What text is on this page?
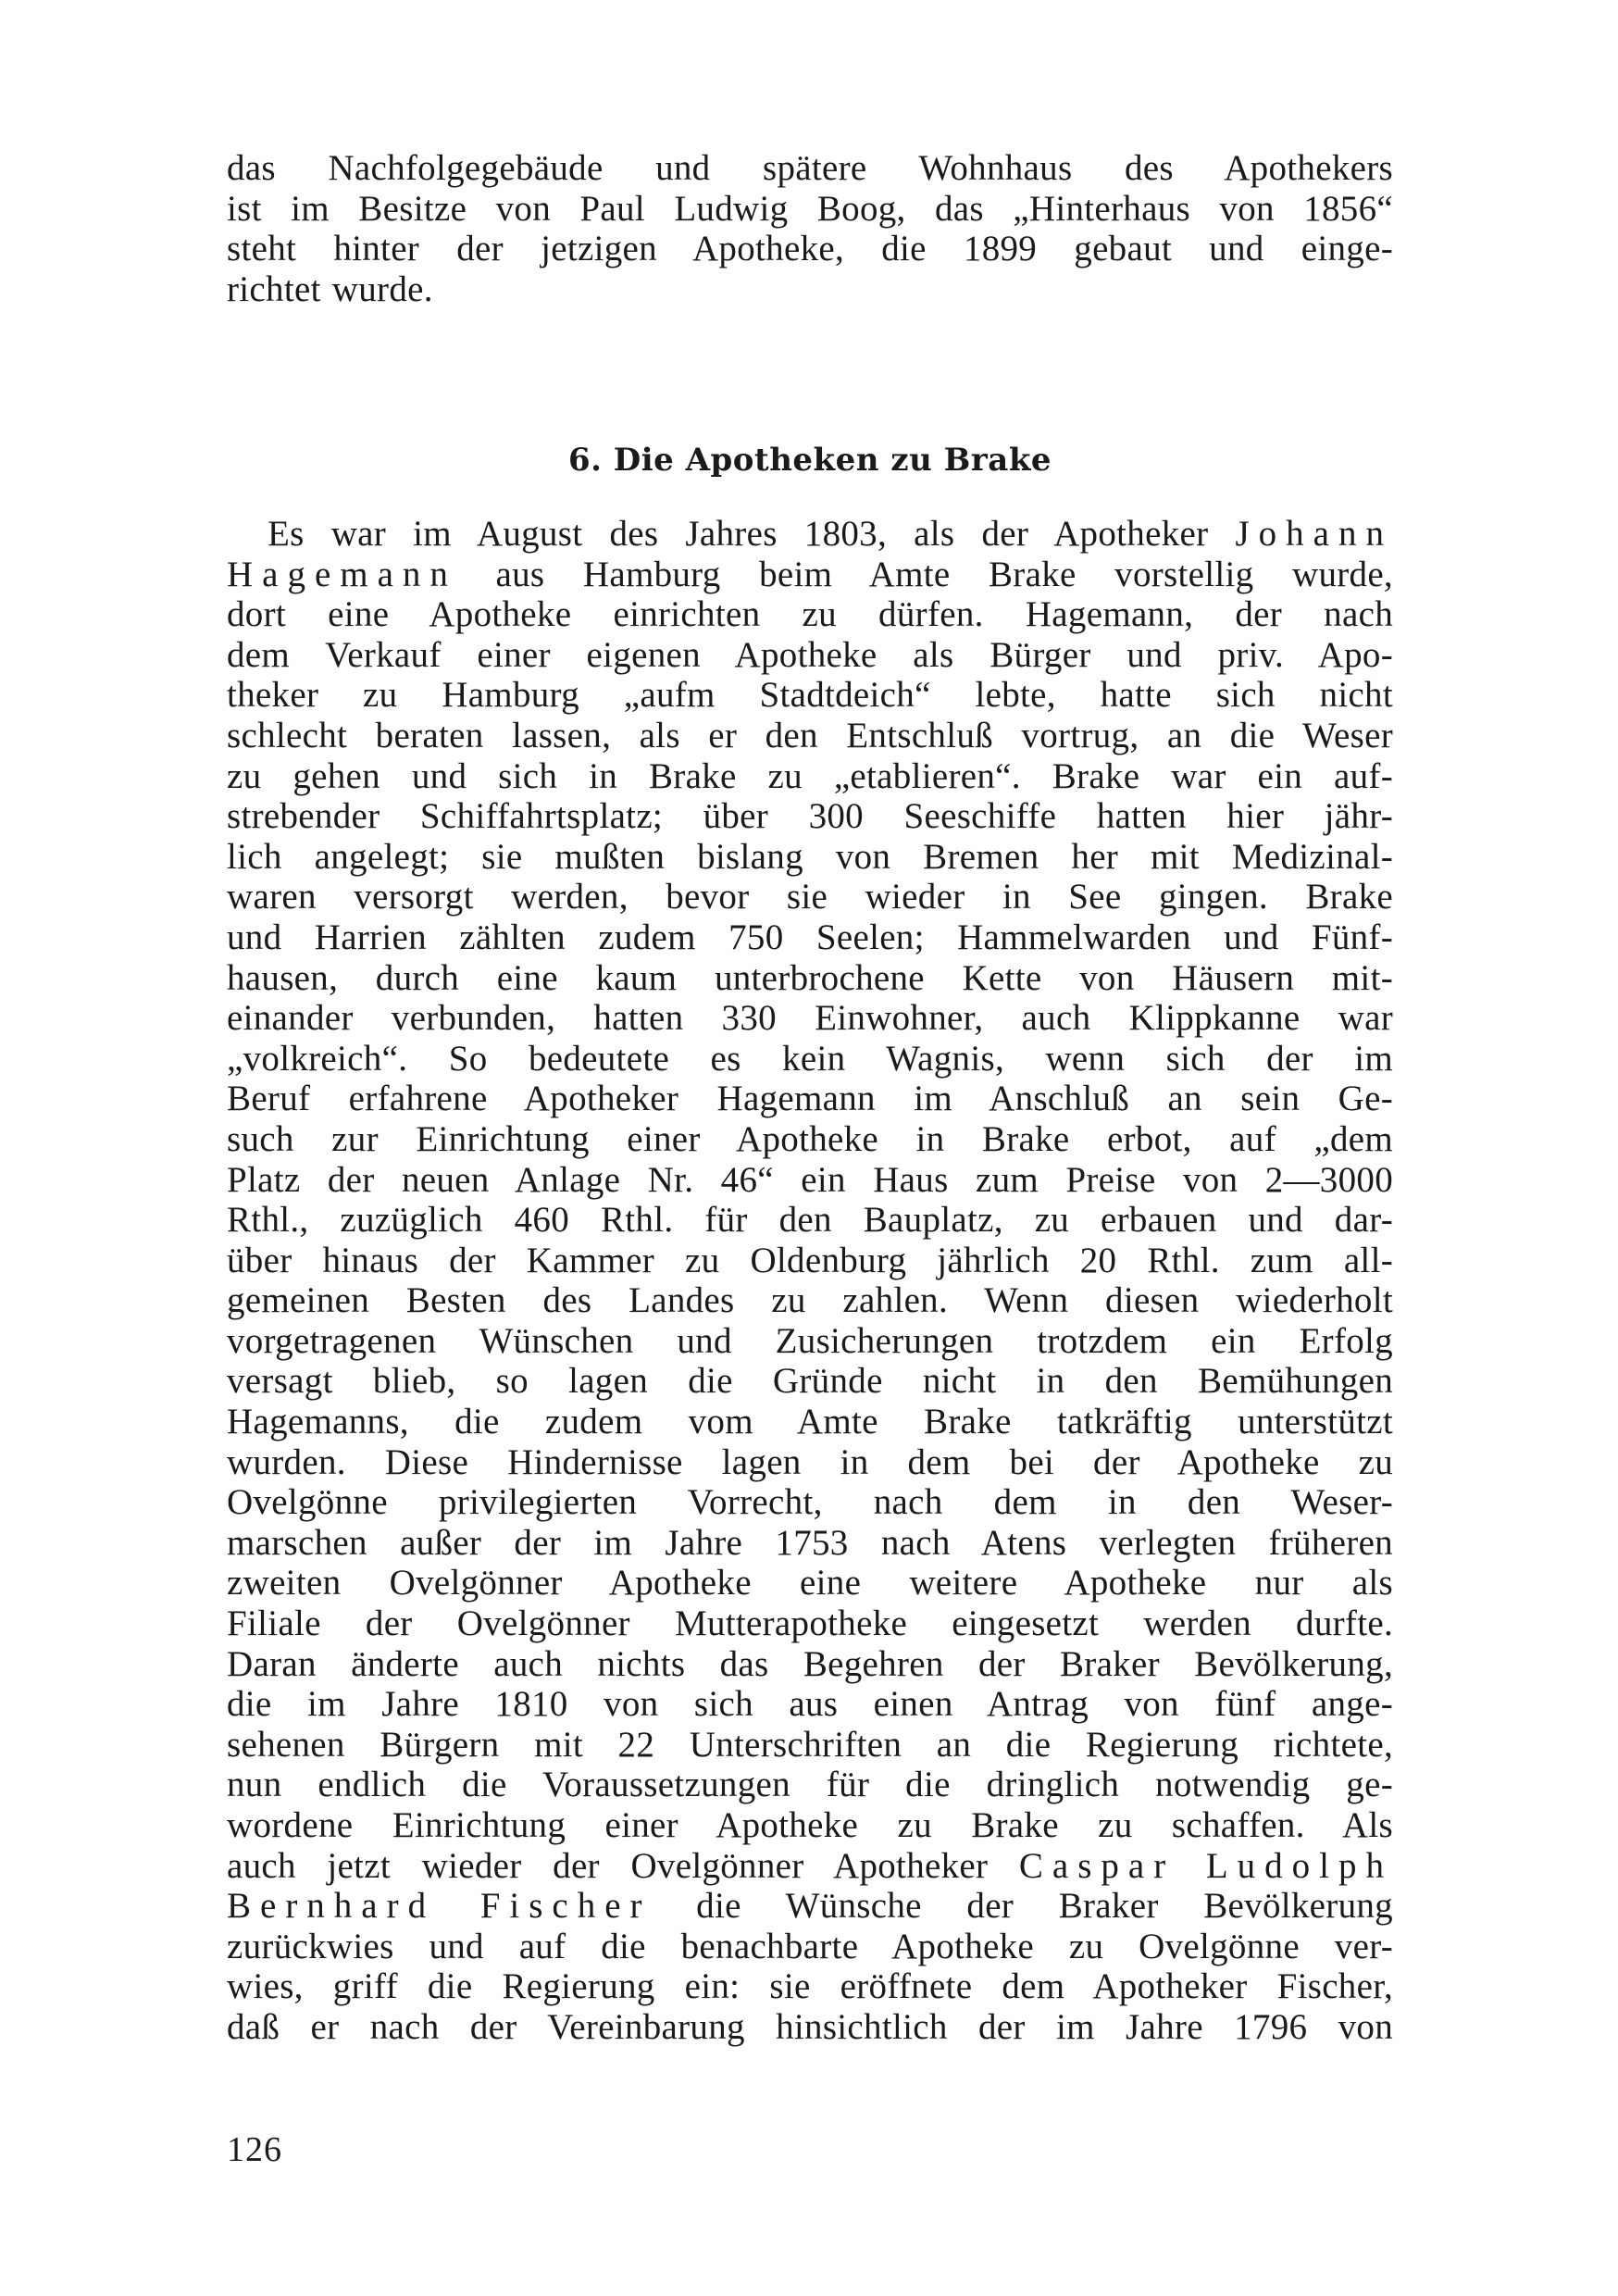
das Nachfolgegebäude und spätere Wohnhaus des Apothekers
ist im Besitze von Paul Ludwig Boog, das „Hinterhaus von 1856“
steht hinter der jetzigen Apotheke, die 1899 gebaut und einge-
richtet wurde.
6. Die Apotheken zu Brake
Es war im August des Jahres 1803, als der Apotheker Johann
Hagemann aus Hamburg beim Amte Brake vorstellig wurde,
dort eine Apotheke einrichten zu dürfen. Hagemann, der nach
dem Verkauf einer eigenen Apotheke als Bürger und priv. Apo-
theker zu Hamburg „aufm Stadtdeich“ lebte, hatte sich nicht
schlecht beraten lassen, als er den Entschluß vortrug, an die Weser
zu gehen und sich in Brake zu „etablieren“. Brake war ein auf-
strebender Schiffahrtsplatz; über 300 Seeschiffe hatten hier jähr-
lich angelegt; sie mußten bislang von Bremen her mit Medizinal-
waren versorgt werden, bevor sie wieder in See gingen. Brake
und Harrien zählten zudem 750 Seelen; Hammelwarden und Fünf-
hausen, durch eine kaum unterbrochene Kette von Häusern mit-
einander verbunden, hatten 330 Einwohner, auch Klippkanne war
„volkreich“. So bedeutete es kein Wagnis, wenn sich der im
Beruf erfahrene Apotheker Hagemann im Anschluß an sein Ge-
such zur Einrichtung einer Apotheke in Brake erbot, auf „dem
Platz der neuen Anlage Nr. 46“ ein Haus zum Preise von 2—3000
Rthl., zuzüglich 460 Rthl. für den Bauplatz, zu erbauen und dar-
über hinaus der Kammer zu Oldenburg jährlich 20 Rthl. zum all-
gemeinen Besten des Landes zu zahlen. Wenn diesen wiederholt
vorgetragenen Wünschen und Zusicherungen trotzdem ein Erfolg
versagt blieb, so lagen die Gründe nicht in den Bemühungen
Hagemanns, die zudem vom Amte Brake tatkräftig unterstützt
wurden. Diese Hindernisse lagen in dem bei der Apotheke zu
Ovelgönne privilegierten Vorrecht, nach dem in den Weser-
marschen außer der im Jahre 1753 nach Atens verlegten früheren
zweiten Ovelgönner Apotheke eine weitere Apotheke nur als
Filiale der Ovelgönner Mutterapotheke eingesetzt werden durfte.
Daran änderte auch nichts das Begehren der Braker Bevölkerung,
die im Jahre 1810 von sich aus einen Antrag von fünf ange-
sehenen Bürgern mit 22 Unterschriften an die Regierung richtete,
nun endlich die Voraussetzungen für die dringlich notwendig ge-
wordene Einrichtung einer Apotheke zu Brake zu schaffen. Als
auch jetzt wieder der Ovelgönner Apotheker Caspar Ludolph
Bernhard Fischer die Wünsche der Braker Bevölkerung
zurückwies und auf die benachbarte Apotheke zu Ovelgönne ver-
wies, griff die Regierung ein: sie eröffnete dem Apotheker Fischer,
daß er nach der Vereinbarung hinsichtlich der im Jahre 1796 von

126
